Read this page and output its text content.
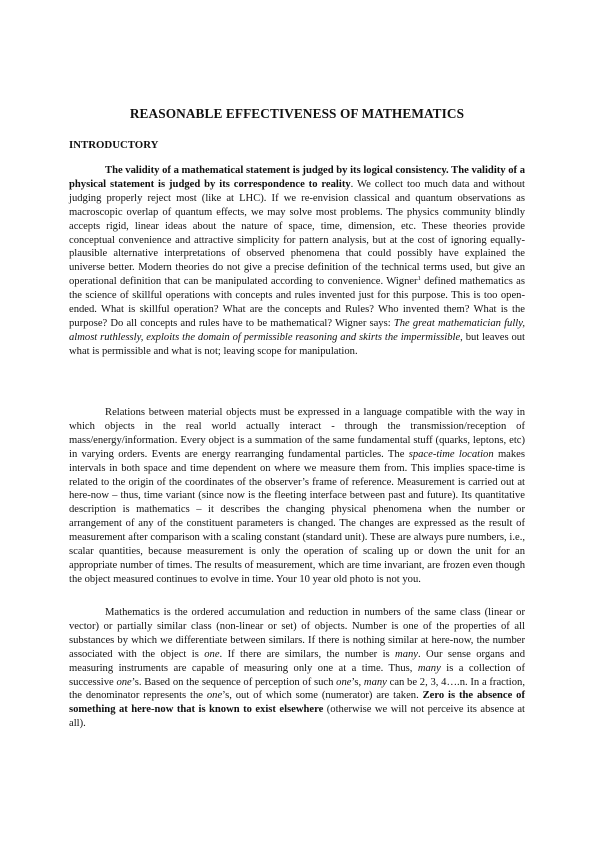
REASONABLE EFFECTIVENESS OF MATHEMATICS
INTRODUCTORY

The validity of a mathematical statement is judged by its logical consistency. The validity of a physical statement is judged by its correspondence to reality. We collect too much data and without judging properly reject most (like at LHC). If we re-envision classical and quantum observations as macroscopic overlap of quantum effects, we may solve most problems. The physics community blindly accepts rigid, linear ideas about the nature of space, time, dimension, etc. These theories provide conceptual convenience and attractive simplicity for pattern analysis, but at the cost of ignoring equally-plausible alternative interpretations of observed phenomena that could possibly have explained the universe better. Modern theories do not give a precise definition of the technical terms used, but give an operational definition that can be manipulated according to convenience. Wigner$^1$ defined mathematics as the science of skillful operations with concepts and rules invented just for this purpose. This is too open-ended. What is skillful operation? What are the concepts and Rules? Who invented them? What is the purpose? Do all concepts and rules have to be mathematical? Wigner says: The great mathematician fully, almost ruthlessly, exploits the domain of permissible reasoning and skirts the impermissible, but leaves out what is permissible and what is not; leaving scope for manipulation.

Relations between material objects must be expressed in a language compatible with the way in which objects in the real world actually interact - through the transmission/reception of mass/energy/information. Every object is a summation of the same fundamental stuff (quarks, leptons, etc) in varying orders. Events are energy rearranging fundamental particles. The space-time location makes intervals in both space and time dependent on where we measure them from. This implies space-time is related to the origin of the coordinates of the observer’s frame of reference. Measurement is carried out at here-now – thus, time variant (since now is the fleeting interface between past and future). Its quantitative description is mathematics – it describes the changing physical phenomena when the number or arrangement of any of the constituent parameters is changed. The changes are expressed as the result of measurement after comparison with a scaling constant (standard unit). These are always pure numbers, i.e., scalar quantities, because measurement is only the operation of scaling up or down the unit for an appropriate number of times. The results of measurement, which are time invariant, are frozen even though the object measured continues to evolve in time. Your 10 year old photo is not you.

Mathematics is the ordered accumulation and reduction in numbers of the same class (linear or vector) or partially similar class (non-linear or set) of objects. Number is one of the properties of all substances by which we differentiate between similars. If there is nothing similar at here-now, the number associated with the object is one. If there are similars, the number is many. Our sense organs and measuring instruments are capable of measuring only one at a time. Thus, many is a collection of successive one’s. Based on the sequence of perception of such one’s, many can be 2, 3, 4….n. In a fraction, the denominator represents the one’s, out of which some (numerator) are taken. Zero is the absence of something at here-now that is known to exist elsewhere (otherwise we will not perceive its absence at all).
